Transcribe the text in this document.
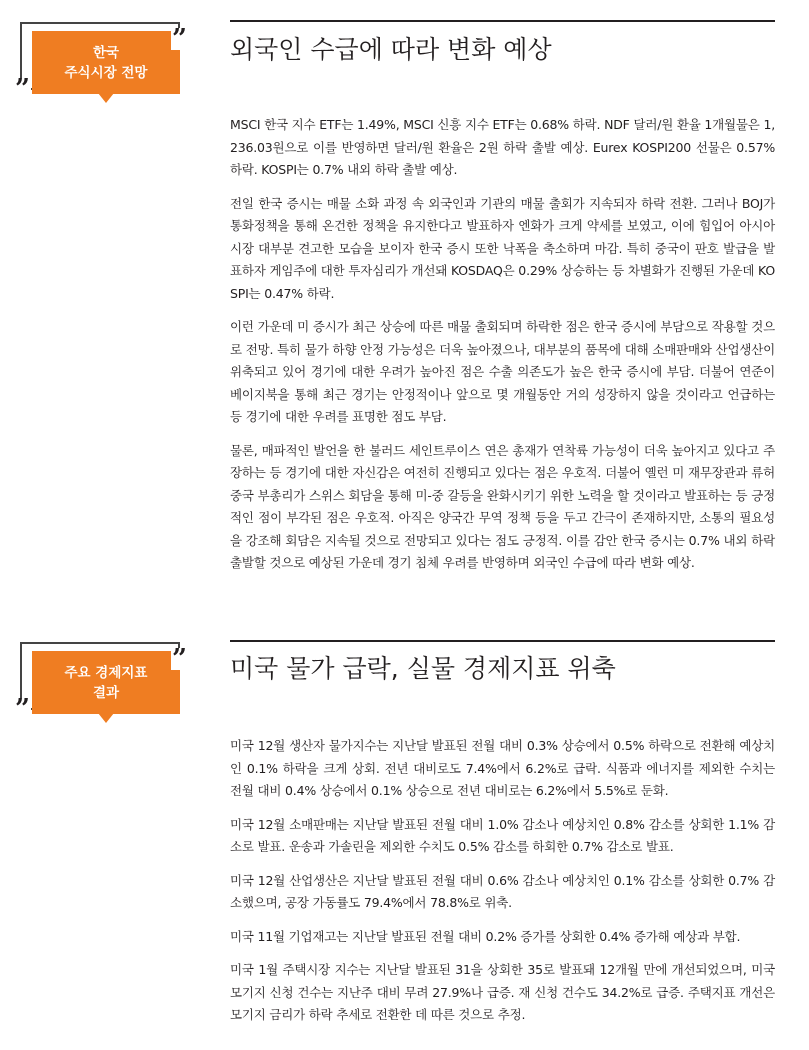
한국
주식시장 전망
”
”
외국인 수급에 따라 변화 예상

MSCI 한국 지수 ETF는 1.49%, MSCI 신흥 지수 ETF는 0.68% 하락. NDF 달러/원 환율 1개월물은 1,236.03원으로 이를 반영하면 달러/원 환율은 2원 하락 출발 예상. Eurex KOSPI200 선물은 0.57% 하락. KOSPI는 0.7% 내외 하락 출발 예상.

전일 한국 증시는 매물 소화 과정 속 외국인과 기관의 매물 출회가 지속되자 하락 전환. 그러나 BOJ가 통화정책을 통해 온건한 정책을 유지한다고 발표하자 엔화가 크게 약세를 보였고, 이에 힘입어 아시아 시장 대부분 견고한 모습을 보이자 한국 증시 또한 낙폭을 축소하며 마감. 특히 중국이 판호 발급을 발표하자 게임주에 대한 투자심리가 개선돼 KOSDAQ은 0.29% 상승하는 등 차별화가 진행된 가운데 KOSPI는 0.47% 하락.

이런 가운데 미 증시가 최근 상승에 따른 매물 출회되며 하락한 점은 한국 증시에 부담으로 작용할 것으로 전망. 특히 물가 하향 안정 가능성은 더욱 높아졌으나, 대부분의 품목에 대해 소매판매와 산업생산이 위축되고 있어 경기에 대한 우려가 높아진 점은 수출 의존도가 높은 한국 증시에 부담. 더불어 연준이 베이지북을 통해 최근 경기는 안정적이나 앞으로 몇 개월동안 거의 성장하지 않을 것이라고 언급하는 등 경기에 대한 우려를 표명한 점도 부담.

물론, 매파적인 발언을 한 불러드 세인트루이스 연은 총재가 연착륙 가능성이 더욱 높아지고 있다고 주장하는 등 경기에 대한 자신감은 여전히 진행되고 있다는 점은 우호적. 더불어 옐런 미 재무장관과 류허 중국 부총리가 스위스 회담을 통해 미-중 갈등을 완화시키기 위한 노력을 할 것이라고 발표하는 등 긍정적인 점이 부각된 점은 우호적. 아직은 양국간 무역 정책 등을 두고 간극이 존재하지만, 소통의 필요성을 강조해 회담은 지속될 것으로 전망되고 있다는 점도 긍정적. 이를 감안 한국 증시는 0.7% 내외 하락 출발할 것으로 예상된 가운데 경기 침체 우려를 반영하며 외국인 수급에 따라 변화 예상.

주요 경제지표
결과
”
”
미국 물가 급락, 실물 경제지표 위축

미국 12월 생산자 물가지수는 지난달 발표된 전월 대비 0.3% 상승에서 0.5% 하락으로 전환해 예상치인 0.1% 하락을 크게 상회. 전년 대비로도 7.4%에서 6.2%로 급락. 식품과 에너지를 제외한 수치는 전월 대비 0.4% 상승에서 0.1% 상승으로 전년 대비로는 6.2%에서 5.5%로 둔화.

미국 12월 소매판매는 지난달 발표된 전월 대비 1.0% 감소나 예상치인 0.8% 감소를 상회한 1.1% 감소로 발표. 운송과 가솔린을 제외한 수치도 0.5% 감소를 하회한 0.7% 감소로 발표.

미국 12월 산업생산은 지난달 발표된 전월 대비 0.6% 감소나 예상치인 0.1% 감소를 상회한 0.7% 감소했으며, 공장 가동률도 79.4%에서 78.8%로 위축.

미국 11월 기업재고는 지난달 발표된 전월 대비 0.2% 증가를 상회한 0.4% 증가해 예상과 부합.

미국 1월 주택시장 지수는 지난달 발표된 31을 상회한 35로 발표돼 12개월 만에 개선되었으며, 미국 모기지 신청 건수는 지난주 대비 무려 27.9%나 급증. 재 신청 건수도 34.2%로 급증. 주택지표 개선은 모기지 금리가 하락 추세로 전환한 데 따른 것으로 추정.
